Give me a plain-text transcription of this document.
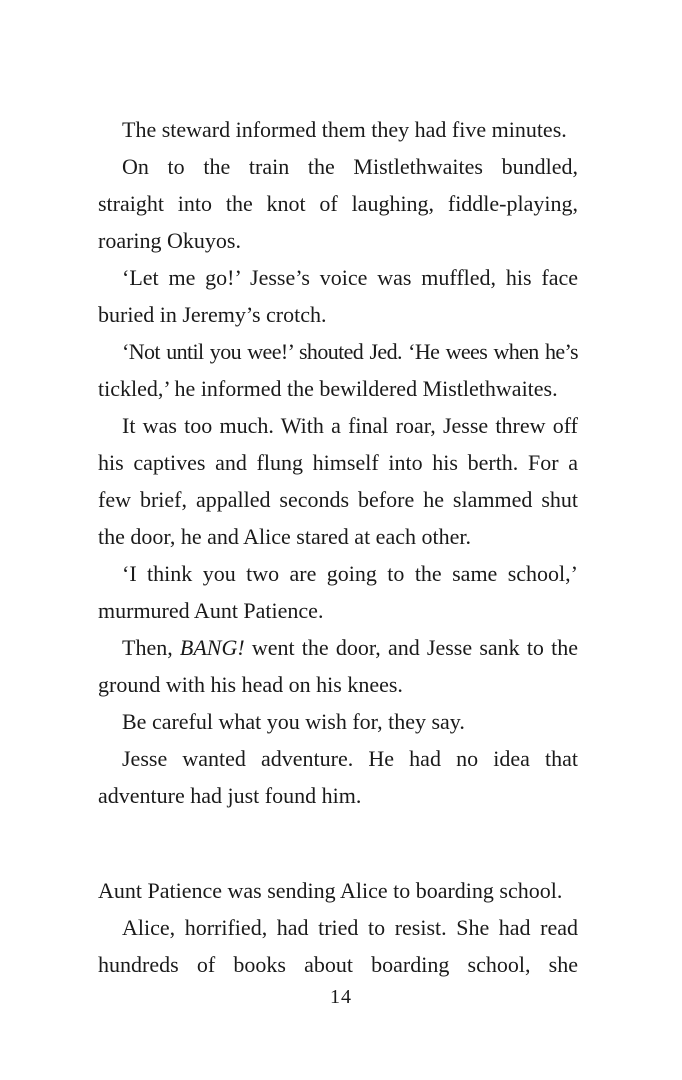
The steward informed them they had five minutes.
On to the train the Mistlethwaites bundled,
straight into the knot of laughing, fiddle-playing,
roaring Okuyos.
‘Let me go!’ Jesse’s voice was muffled, his face
buried in Jeremy’s crotch.
‘Not until you wee!’ shouted Jed. ‘He wees when he’s
tickled,’ he informed the bewildered Mistlethwaites.
It was too much. With a final roar, Jesse threw off
his captives and flung himself into his berth. For a
few brief, appalled seconds before he slammed shut
the door, he and Alice stared at each other.
‘I think you two are going to the same school,’
murmured Aunt Patience.
Then, BANG! went the door, and Jesse sank to the
ground with his head on his knees.
Be careful what you wish for, they say.
Jesse wanted adventure. He had no idea that
adventure had just found him.
Aunt Patience was sending Alice to boarding school.
Alice, horrified, had tried to resist. She had read
hundreds of books about boarding school, she
14
